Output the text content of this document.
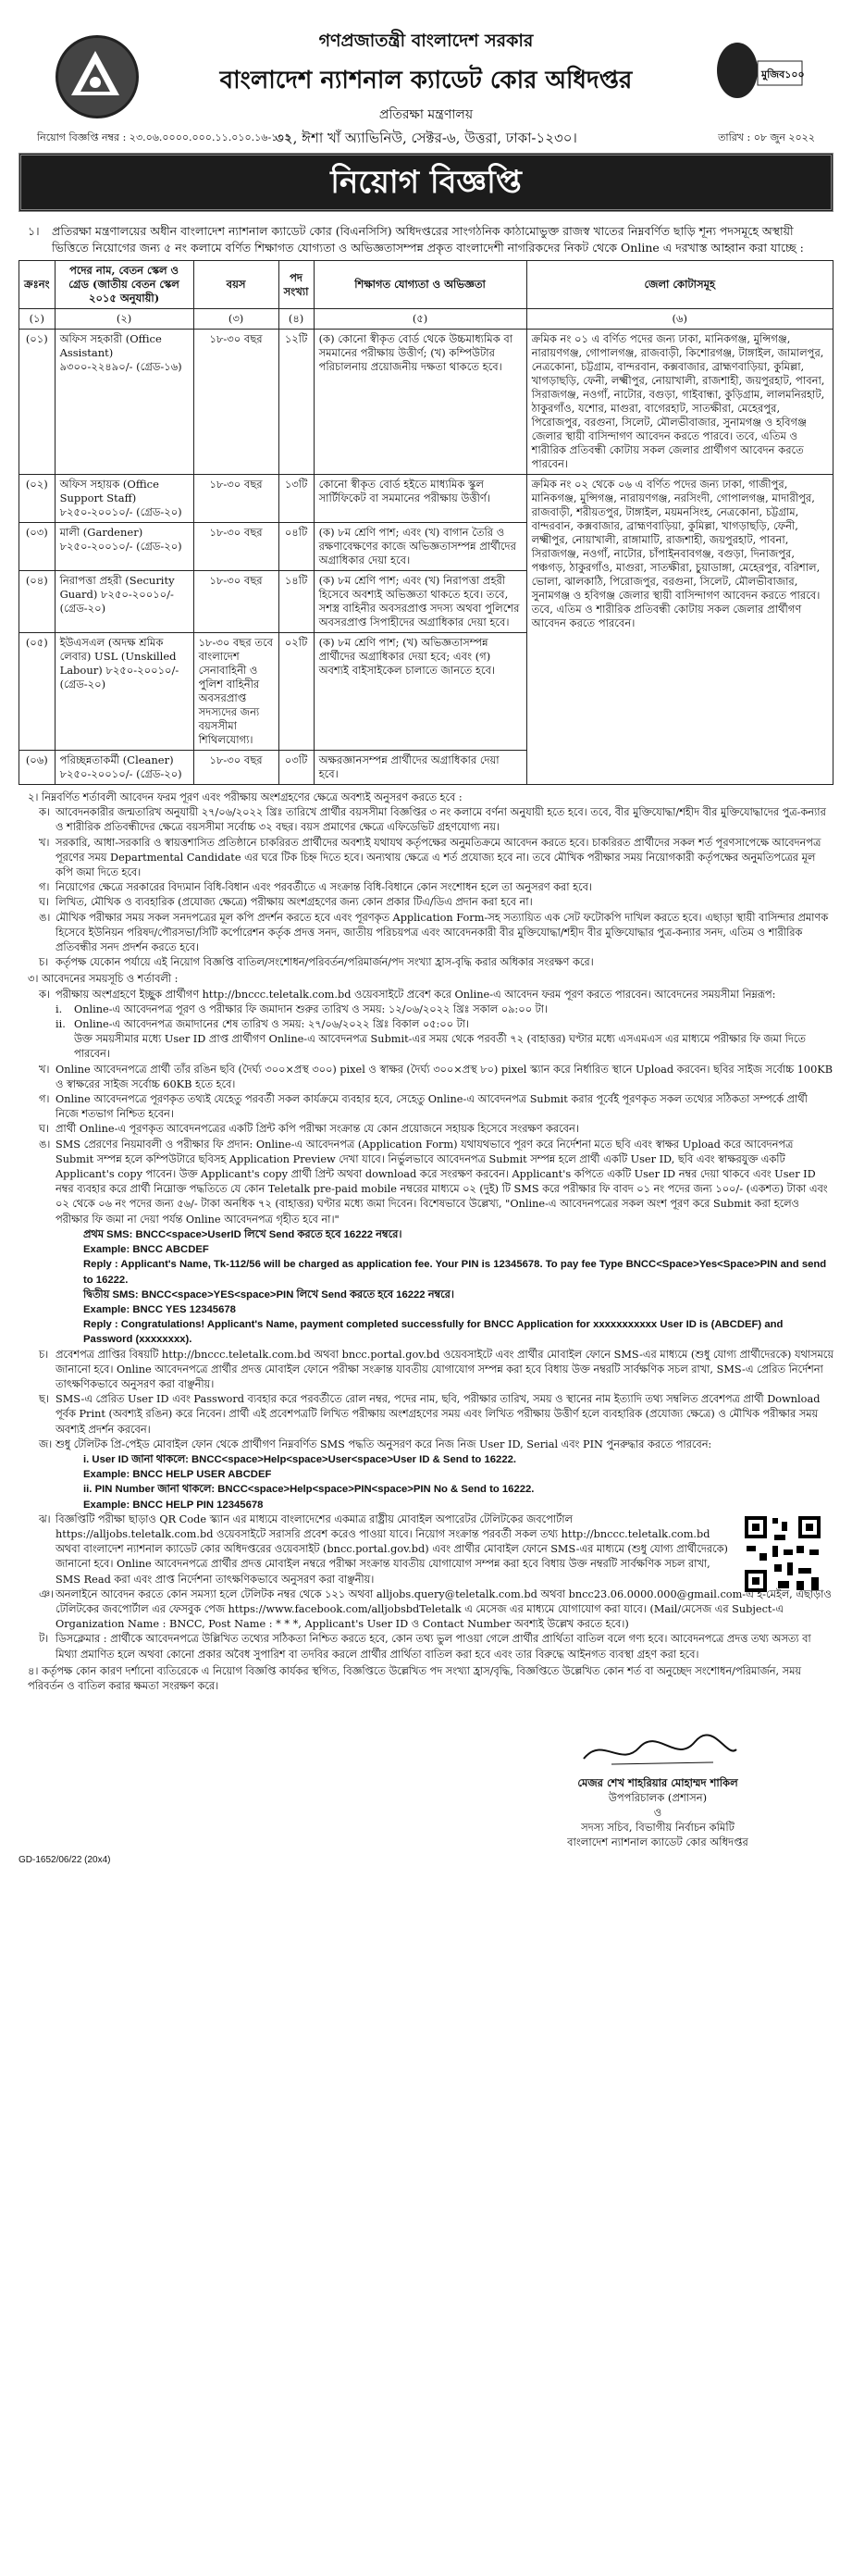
গণপ্রজাতন্ত্রী বাংলাদেশ সরকার
বাংলাদেশ ন্যাশনাল ক্যাডেট কোর অধিদপ্তর
প্রতিরক্ষা মন্ত্রণালয়
৩২, ঈশা খাঁ অ্যাভিনিউ, সেক্টর-৬, উত্তরা, ঢাকা-১২৩০।
মুজিব১০০
নিয়োগ বিজ্ঞপ্তি নম্বর : ২৩.০৬.০০০০.০০০.১১.০১০.১৬-১০৭	তারিখ : ০৮ জুন ২০২২
নিয়োগ বিজ্ঞপ্তি
১। প্রতিরক্ষা মন্ত্রণালয়ের অধীন বাংলাদেশ ন্যাশনাল ক্যাডেট কোর (বিএনসিসি) অধিদপ্তরের সাংগঠনিক কাঠামোভুক্ত রাজস্ব খাতের নিম্নবর্ণিত ছাড়ি শূন্য পদসমূহে অস্থায়ী ভিত্তিতে নিয়োগের জন্য ৫ নং কলামে বর্ণিত শিক্ষাগত যোগ্যতা ও অভিজ্ঞতাসম্পন্ন প্রকৃত বাংলাদেশী নাগরিকদের নিকট থেকে Online এ দরখাস্ত আহ্বান করা যাচ্ছে :
ক্রঃনং	পদের নাম, বেতন স্কেল ও গ্রেড (জাতীয় বেতন স্কেল ২০১৫ অনুযায়ী)	বয়স	পদ সংখ্যা	শিক্ষাগত যোগ্যতা ও অভিজ্ঞতা	জেলা কোটাসমূহ
(১)	(২)	(৩)	(৪)	(৫)	(৬)
(০১)	অফিস সহকারী (Office Assistant) ৯৩০০-২২৪৯০/- (গ্রেড-১৬)	১৮-৩০ বছর	১২টি	(ক) কোনো স্বীকৃত বোর্ড থেকে উচ্চমাধ্যমিক বা সমমানের পরীক্ষায় উত্তীর্ণ; (খ) কম্পিউটার পরিচালনায় প্রয়োজনীয় দক্ষতা থাকতে হবে।	ক্রমিক নং ০১ এ বর্ণিত পদের জন্য ঢাকা, মানিকগঞ্জ, মুন্সিগঞ্জ, নারায়ণগঞ্জ, গোপালগঞ্জ, রাজবাড়ী, কিশোরগঞ্জ, টাঙ্গাইল, জামালপুর, নেত্রকোনা, চট্টগ্রাম, বান্দরবান, কক্সবাজার, ব্রাহ্মণবাড়িয়া, কুমিল্লা, খাগড়াছড়ি, ফেনী, লক্ষ্মীপুর, নোয়াখালী, রাজশাহী, জয়পুরহাট, পাবনা, সিরাজগঞ্জ, নওগাঁ, নাটোর, বগুড়া, গাইবান্ধা, কুড়িগ্রাম, লালমনিরহাট, ঠাকুরগাঁও, যশোর, মাগুরা, বাগেরহাট, সাতক্ষীরা, মেহেরপুর, পিরোজপুর, বরগুনা, সিলেট, মৌলভীবাজার, সুনামগঞ্জ ও হবিগঞ্জ জেলার স্থায়ী বাসিন্দাগণ আবেদন করতে পারবে। তবে, এতিম ও শারীরিক প্রতিবন্ধী কোটায় সকল জেলার প্রার্থীগণ আবেদন করতে পারবেন।
(০২)	অফিস সহায়ক (Office Support Staff) ৮২৫০-২০০১০/- (গ্রেড-২০)	১৮-৩০ বছর	১৩টি	কোনো স্বীকৃত বোর্ড হইতে মাধ্যমিক স্কুল সার্টিফিকেট বা সমমানের পরীক্ষায় উত্তীর্ণ।	ক্রমিক নং ০২ থেকে ০৬ এ বর্ণিত পদের জন্য ঢাকা, গাজীপুর, মানিকগঞ্জ, মুন্সিগঞ্জ, নারায়ণগঞ্জ, নরসিংদী, গোপালগঞ্জ, মাদারীপুর, রাজবাড়ী, শরীয়তপুর, টাঙ্গাইল, ময়মনসিংহ, নেত্রকোনা, চট্টগ্রাম, বান্দরবান, কক্সবাজার, ব্রাহ্মণবাড়িয়া, কুমিল্লা, খাগড়াছড়ি, ফেনী, লক্ষ্মীপুর, নোয়াখালী, রাঙ্গামাটি, রাজশাহী, জয়পুরহাট, পাবনা, সিরাজগঞ্জ, নওগাঁ, নাটোর, চাঁপাইনবাবগঞ্জ, বগুড়া, দিনাজপুর, পঞ্চগড়, ঠাকুরগাঁও, মাগুরা, সাতক্ষীরা, চুয়াডাঙ্গা, মেহেরপুর, বরিশাল, ভোলা, ঝালকাঠি, পিরোজপুর, বরগুনা, সিলেট, মৌলভীবাজার, সুনামগঞ্জ ও হবিগঞ্জ জেলার স্থায়ী বাসিন্দাগণ আবেদন করতে পারবে। তবে, এতিম ও শারীরিক প্রতিবন্ধী কোটায় সকল জেলার প্রার্থীগণ আবেদন করতে পারবেন।
(০৩)	মালী (Gardener) ৮২৫০-২০০১০/- (গ্রেড-২০)	১৮-৩০ বছর	০৪টি	(ক) ৮ম শ্রেণি পাশ; এবং (খ) বাগান তৈরি ও রক্ষণাবেক্ষণের কাজে অভিজ্ঞতাসম্পন্ন প্রার্থীদের অগ্রাধিকার দেয়া হবে।	
(০৪)	নিরাপত্তা প্রহরী (Security Guard) ৮২৫০-২০০১০/- (গ্রেড-২০)	১৮-৩০ বছর	১৪টি	(ক) ৮ম শ্রেণি পাশ; এবং (খ) নিরাপত্তা প্রহরী হিসেবে অবশ্যই অভিজ্ঞতা থাকতে হবে। তবে, সশস্ত্র বাহিনীর অবসরপ্রাপ্ত সদস্য অথবা পুলিশের অবসরপ্রাপ্ত সিপাহীদের অগ্রাধিকার দেয়া হবে।	
(০৫)	ইউএসএল (অদক্ষ শ্রমিক লেবার) USL (Unskilled Labour) ৮২৫০-২০০১০/- (গ্রেড-২০)	১৮-৩০ বছর তবে বাংলাদেশ সেনাবাহিনী ও পুলিশ বাহিনীর অবসরপ্রাপ্ত সদস্যদের জন্য বয়সসীমা শিথিলযোগ্য।	০২টি	(ক) ৮ম শ্রেণি পাশ; (খ) অভিজ্ঞতাসম্পন্ন প্রার্থীদের অগ্রাধিকার দেয়া হবে; এবং (গ) অবশ্যই বাইসাইকেল চালাতে জানতে হবে।	
(০৬)	পরিচ্ছন্নতাকর্মী (Cleaner) ৮২৫০-২০০১০/- (গ্রেড-২০)	১৮-৩০ বছর	০৩টি	অক্ষরজ্ঞানসম্পন্ন প্রার্থীদের অগ্রাধিকার দেয়া হবে।	
২। নিম্নবর্ণিত শর্তাবলী আবেদন ফরম পূরণ এবং পরীক্ষায় অংশগ্রহণের ক্ষেত্রে অবশ্যই অনুসরণ করতে হবে :
ক। আবেদনকারীর জন্মতারিখ অনুযায়ী ২৭/০৬/২০২২ খ্রিঃ তারিখে প্রার্থীর বয়সসীমা বিজ্ঞপ্তির ৩ নং কলামে বর্ণনা অনুযায়ী হতে হবে। তবে, বীর মুক্তিযোদ্ধা/শহীদ বীর মুক্তিযোদ্ধাদের পুত্র-কন্যার ও শারীরিক প্রতিবন্ধীদের ক্ষেত্রে বয়সসীমা সর্বোচ্চ ৩২ বছর। বয়স প্রমাণের ক্ষেত্রে এফিডেভিট গ্রহণযোগ্য নয়।
খ। সরকারি, আধা-সরকারি ও স্বায়ত্তশাসিত প্রতিষ্ঠানে চাকরিরত প্রার্থীদের অবশ্যই যথাযথ কর্তৃপক্ষের অনুমতিক্রমে আবেদন করতে হবে। চাকরিরত প্রার্থীদের সকল শর্ত পূরণসাপেক্ষে আবেদনপত্র পূরণের সময় Departmental Candidate এর ঘরে টিক চিহ্ন দিতে হবে। অন্যথায় ক্ষেত্রে এ শর্ত প্রযোজ্য হবে না। তবে মৌখিক পরীক্ষার সময় নিয়োগকারী কর্তৃপক্ষের অনুমতিপত্রের মূল কপি জমা দিতে হবে।
গ। নিয়োগের ক্ষেত্রে সরকারের বিদ্যমান বিধি-বিধান এবং পরবর্তীতে এ সংক্রান্ত বিধি-বিধানে কোন সংশোধন হলে তা অনুসরণ করা হবে।
ঘ। লিখিত, মৌখিক ও ব্যবহারিক (প্রযোজ্য ক্ষেত্রে) পরীক্ষায় অংশগ্রহণের জন্য কোন প্রকার টিএ/ডিএ প্রদান করা হবে না।
ঙ। মৌখিক পরীক্ষার সময় সকল সনদপত্রের মূল কপি প্রদর্শন করতে হবে এবং পূরণকৃত Application Form-সহ সত্যায়িত এক সেট ফটোকপি দাখিল করতে হবে। এছাড়া স্থায়ী বাসিন্দার প্রমাণক হিসেবে ইউনিয়ন পরিষদ/পৌরসভা/সিটি কর্পোরেশন কর্তৃক প্রদত্ত সনদ, জাতীয় পরিচয়পত্র এবং আবেদনকারী বীর মুক্তিযোদ্ধা/শহীদ বীর মুক্তিযোদ্ধার পুত্র-কন্যার সনদ, এতিম ও শারীরিক প্রতিবন্ধীর সনদ প্রদর্শন করতে হবে।
চ। কর্তৃপক্ষ যেকোন পর্যায়ে এই নিয়োগ বিজ্ঞপ্তি বাতিল/সংশোধন/পরিবর্তন/পরিমার্জন/পদ সংখ্যা হ্রাস-বৃদ্ধি করার অধিকার সংরক্ষণ করে।
৩। আবেদনের সময়সূচি ও শর্তাবলী :
ক। পরীক্ষায় অংশগ্রহণে ইচ্ছুক প্রার্থীগণ http://bnccc.teletalk.com.bd ওয়েবসাইটে প্রবেশ করে Online-এ আবেদন ফরম পূরণ করতে পারবেন। আবেদনের সময়সীমা নিম্নরূপ:
i. Online-এ আবেদনপত্র পূরণ ও পরীক্ষার ফি জমাদান শুরুর তারিখ ও সময়: ১২/০৬/২০২২ খ্রিঃ সকাল ০৯:০০ টা।
ii. Online-এ আবেদনপত্র জমাদানের শেষ তারিখ ও সময়: ২৭/০৬/২০২২ খ্রিঃ বিকাল ০৫:০০ টা।
উক্ত সময়সীমার মধ্যে User ID প্রাপ্ত প্রার্থীগণ Online-এ আবেদনপত্র Submit-এর সময় থেকে পরবর্তী ৭২ (বাহাত্তর) ঘণ্টার মধ্যে এসএমএস এর মাধ্যমে পরীক্ষার ফি জমা দিতে পারবেন।
খ। Online আবেদনপত্রে প্রার্থী তাঁর রঙিন ছবি (দৈর্ঘ্য ৩০০×প্রস্থ ৩০০) pixel ও স্বাক্ষর (দৈর্ঘ্য ৩০০×প্রস্থ ৮০) pixel স্ক্যান করে নির্ধারিত স্থানে Upload করবেন। ছবির সাইজ সর্বোচ্চ 100KB ও স্বাক্ষরের সাইজ সর্বোচ্চ 60KB হতে হবে।
গ। Online আবেদনপত্রে পূরণকৃত তথ্যই যেহেতু পরবর্তী সকল কার্যক্রমে ব্যবহার হবে, সেহেতু Online-এ আবেদনপত্র Submit করার পূর্বেই পূরণকৃত সকল তথ্যের সঠিকতা সম্পর্কে প্রার্থী নিজে শতভাগ নিশ্চিত হবেন।
ঘ। প্রার্থী Online-এ পূরণকৃত আবেদনপত্রের একটি প্রিন্ট কপি পরীক্ষা সংক্রান্ত যে কোন প্রয়োজনে সহায়ক হিসেবে সংরক্ষণ করবেন।
ঙ। SMS প্রেরণের নিয়মাবলী ও পরীক্ষার ফি প্রদান: Online-এ আবেদনপত্র (Application Form) যথাযথভাবে পূরণ করে নির্দেশনা মতে ছবি এবং স্বাক্ষর Upload করে আবেদনপত্র Submit সম্পন্ন হলে কম্পিউটারে ছবিসহ Application Preview দেখা যাবে। নির্ভুলভাবে আবেদনপত্র Submit সম্পন্ন হলে প্রার্থী একটি User ID, ছবি এবং স্বাক্ষরযুক্ত একটি Applicant's copy পাবেন। উক্ত Applicant's copy প্রার্থী প্রিন্ট অথবা download করে সংরক্ষণ করবেন। Applicant's কপিতে একটি User ID নম্বর দেয়া থাকবে এবং User ID নম্বর ব্যবহার করে প্রার্থী নিম্নোক্ত পদ্ধতিতে যে কোন Teletalk pre-paid mobile নম্বরের মাধ্যমে ০২ (দুই) টি SMS করে পরীক্ষার ফি বাবদ ০১ নং পদের জন্য ১০০/- (একশত) টাকা এবং ০২ থেকে ০৬ নং পদের জন্য ৫৬/- টাকা অনধিক ৭২ (বাহাত্তর) ঘণ্টার মধ্যে জমা দিবেন। বিশেষভাবে উল্লেখ্য, "Online-এ আবেদনপত্রের সকল অংশ পূরণ করে Submit করা হলেও পরীক্ষার ফি জমা না দেয়া পর্যন্ত Online আবেদনপত্র গৃহীত হবে না।"
প্রথম SMS: BNCC<space>UserID লিখে Send করতে হবে 16222 নম্বরে।
Example: BNCC ABCDEF
Reply : Applicant's Name, Tk-112/56 will be charged as application fee. Your PIN is 12345678. To pay fee Type BNCC<Space>Yes<Space>PIN and send to 16222.
দ্বিতীয় SMS: BNCC<space>YES<space>PIN লিখে Send করতে হবে 16222 নম্বরে।
Example: BNCC YES 12345678
Reply : Congratulations! Applicant's Name, payment completed successfully for BNCC Application for xxxxxxxxxxx User ID is (ABCDEF) and Password (xxxxxxxx).
চ। প্রবেশপত্র প্রাপ্তির বিষয়টি http://bnccc.teletalk.com.bd অথবা bncc.portal.gov.bd ওয়েবসাইটে এবং প্রার্থীর মোবাইল ফোনে SMS-এর মাধ্যমে (শুধু যোগ্য প্রার্থীদেরকে) যথাসময়ে জানানো হবে। Online আবেদনপত্রে প্রার্থীর প্রদত্ত মোবাইল ফোনে পরীক্ষা সংক্রান্ত যাবতীয় যোগাযোগ সম্পন্ন করা হবে বিধায় উক্ত নম্বরটি সার্বক্ষণিক সচল রাখা, SMS-এ প্রেরিত নির্দেশনা তাৎক্ষণিকভাবে অনুসরণ করা বাঞ্ছনীয়।
ছ। SMS-এ প্রেরিত User ID এবং Password ব্যবহার করে পরবর্তীতে রোল নম্বর, পদের নাম, ছবি, পরীক্ষার তারিখ, সময় ও স্থানের নাম ইত্যাদি তথ্য সম্বলিত প্রবেশপত্র প্রার্থী Download পূর্বক Print (অবশ্যই রঙিন) করে নিবেন। প্রার্থী এই প্রবেশপত্রটি লিখিত পরীক্ষায় অংশগ্রহণের সময় এবং লিখিত পরীক্ষায় উত্তীর্ণ হলে ব্যবহারিক (প্রযোজ্য ক্ষেত্রে) ও মৌখিক পরীক্ষার সময় অবশ্যই প্রদর্শন করবেন।
জ। শুধু টেলিটক প্রি-পেইড মোবাইল ফোন থেকে প্রার্থীগণ নিম্নবর্ণিত SMS পদ্ধতি অনুসরণ করে নিজ নিজ User ID, Serial এবং PIN পুনরুদ্ধার করতে পারবেন:
i. User ID জানা থাকলে: BNCC<space>Help<space>User<space>User ID & Send to 16222.
Example: BNCC HELP USER ABCDEF
ii. PIN Number জানা থাকলে: BNCC<space>Help<space>PIN<space>PIN No & Send to 16222.
Example: BNCC HELP PIN 12345678
ঝ। বিজ্ঞপ্তিটি পরীক্ষা ছাড়াও QR Code স্ক্যান এর মাধ্যমে বাংলাদেশের একমাত্র রাষ্ট্রীয় মোবাইল অপারেটর টেলিটকের জবপোর্টাল https://alljobs.teletalk.com.bd ওয়েবসাইটে সরাসরি প্রবেশ করেও পাওয়া যাবে। নিয়োগ সংক্রান্ত পরবর্তী সকল তথ্য http://bnccc.teletalk.com.bd অথবা বাংলাদেশ ন্যাশনাল ক্যাডেট কোর অধিদপ্তরের ওয়েবসাইট (bncc.portal.gov.bd) এবং প্রার্থীর মোবাইল ফোনে SMS-এর মাধ্যমে (শুধু যোগ্য প্রার্থীদেরকে) জানানো হবে। Online আবেদনপত্রে প্রার্থীর প্রদত্ত মোবাইল নম্বরে পরীক্ষা সংক্রান্ত যাবতীয় যোগাযোগ সম্পন্ন করা হবে বিধায় উক্ত নম্বরটি সার্বক্ষণিক সচল রাখা, SMS Read করা এবং প্রাপ্ত নির্দেশনা তাৎক্ষণিকভাবে অনুসরণ করা বাঞ্ছনীয়।
ঞ। অনলাইনে আবেদন করতে কোন সমস্যা হলে টেলিটক নম্বর থেকে ১২১ অথবা alljobs.query@teletalk.com.bd অথবা bncc23.06.0000.000@gmail.com-এ ই-মেইল, এছাড়াও টেলিটকের জবপোর্টাল এর ফেসবুক পেজ https://www.facebook.com/alljobsbdTeletalk এ মেসেজ এর মাধ্যমে যোগাযোগ করা যাবে। (Mail/মেসেজ এর Subject-এ Organization Name : BNCC, Post Name : * * *, Applicant's User ID ও Contact Number অবশ্যই উল্লেখ করতে হবে।)
ট। ডিসক্লেমার : প্রার্থীকে আবেদনপত্রে উল্লিখিত তথ্যের সঠিকতা নিশ্চিত করতে হবে, কোন তথ্য ভুল পাওয়া গেলে প্রার্থীর প্রার্থিতা বাতিল বলে গণ্য হবে। আবেদনপত্রে প্রদত্ত তথ্য অসত্য বা মিথ্যা প্রমাণিত হলে অথবা কোনো প্রকার অবৈধ সুপারিশ বা তদবির করলে প্রার্থীর প্রার্থিতা বাতিল করা হবে এবং তার বিরুদ্ধে আইনগত ব্যবস্থা গ্রহণ করা হবে।
৪। কর্তৃপক্ষ কোন কারণ দর্শানো ব্যতিরেকে এ নিয়োগ বিজ্ঞপ্তি কার্যকর স্থগিত, বিজ্ঞপ্তিতে উল্লেখিত পদ সংখ্যা হ্রাস/বৃদ্ধি, বিজ্ঞপ্তিতে উল্লেখিত কোন শর্ত বা অনুচ্ছেদ সংশোধন/পরিমার্জন, সময় পরিবর্তন ও বাতিল করার ক্ষমতা সংরক্ষণ করে।
মেজর শেখ শাহরিয়ার মোহাম্মদ শাকিল
উপপরিচালক (প্রশাসন)
ও
সদস্য সচিব, বিভাগীয় নির্বাচন কমিটি
বাংলাদেশ ন্যাশনাল ক্যাডেট কোর অধিদপ্তর
GD-1652/06/22 (20x4)
